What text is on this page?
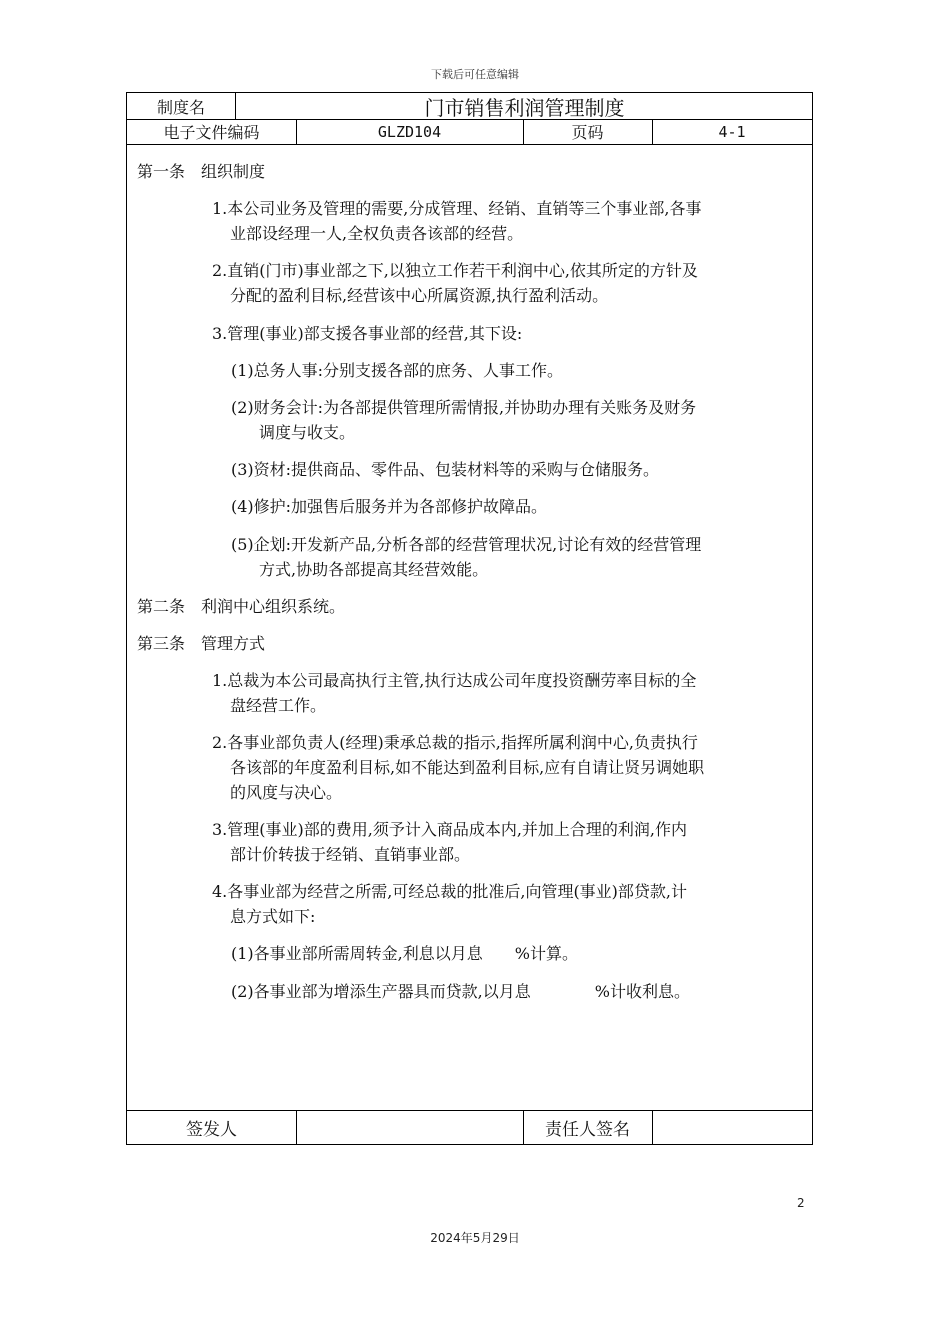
下载后可任意编辑
制度名	门市销售利润管理制度
电子文件编码	GLZD104	页码	4-1
第一条　组织制度
1.本公司业务及管理的需要,分成管理、经销、直销等三个事业部,各事
业部设经理一人,全权负责各该部的经营。
2.直销(门市)事业部之下,以独立工作若干利润中心,依其所定的方针及
分配的盈利目标,经营该中心所属资源,执行盈利活动。
3.管理(事业)部支援各事业部的经营,其下设:
(1)总务人事:分别支援各部的庶务、人事工作。
(2)财务会计:为各部提供管理所需情报,并协助办理有关账务及财务
调度与收支。
(3)资材:提供商品、零件品、包装材料等的采购与仓储服务。
(4)修护:加强售后服务并为各部修护故障品。
(5)企划:开发新产品,分析各部的经营管理状况,讨论有效的经营管理
方式,协助各部提高其经营效能。
第二条　利润中心组织系统。
第三条　管理方式
1.总裁为本公司最高执行主管,执行达成公司年度投资酬劳率目标的全
盘经营工作。
2.各事业部负责人(经理)秉承总裁的指示,指挥所属利润中心,负责执行
各该部的年度盈利目标,如不能达到盈利目标,应有自请让贤另调她职
的风度与决心。
3.管理(事业)部的费用,须予计入商品成本内,并加上合理的利润,作内
部计价转拔于经销、直销事业部。
4.各事业部为经营之所需,可经总裁的批准后,向管理(事业)部贷款,计
息方式如下:
(1)各事业部所需周转金,利息以月息　　%计算。
(2)各事业部为增添生产器具而贷款,以月息　　　　%计收利息。
签发人	责任人签名
2
2024年5月29日
